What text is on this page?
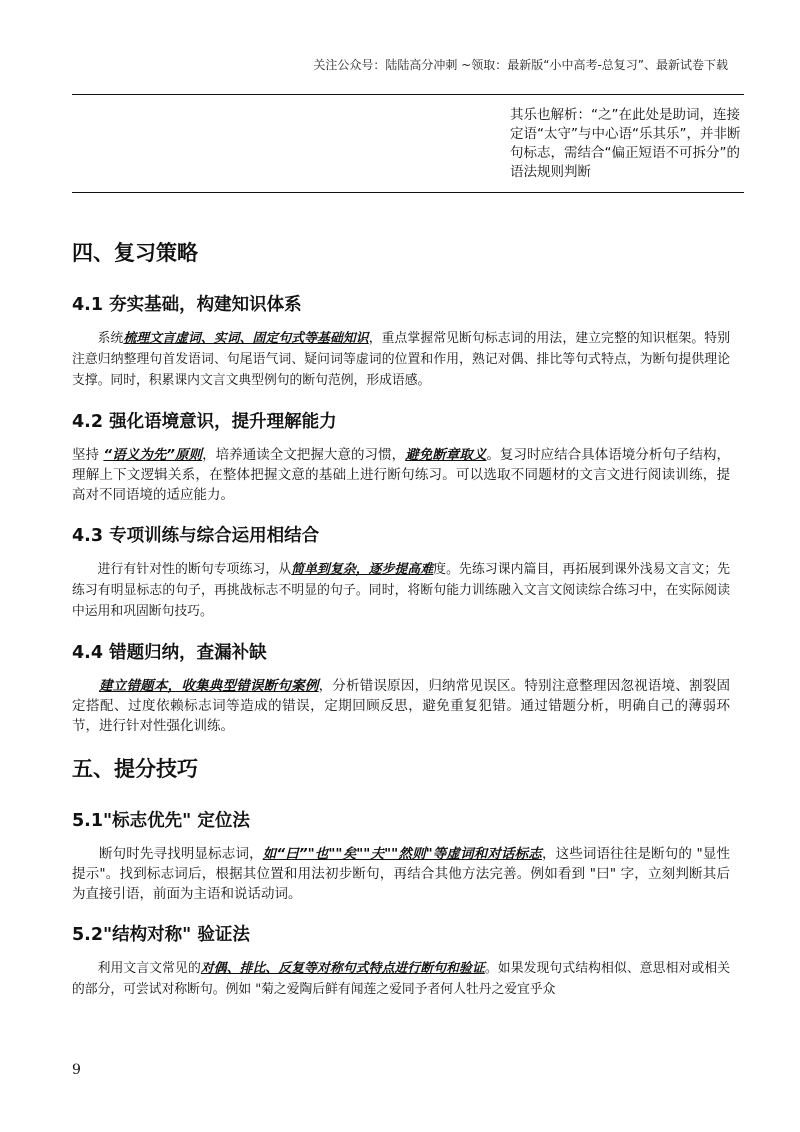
关注公众号：陆陆高分冲刺 ~领取：最新版“小中高考-总复习”、最新试卷下载
其乐也解析：“之”在此处是助词，连接定语“太守”与中心语“乐其乐”，并非断句标志，需结合“偏正短语不可拆分”的语法规则判断
四、复习策略
4.1 夯实基础，构建知识体系

系统梳理文言虚词、实词、固定句式等基础知识，重点掌握常见断句标志词的用法，建立完整的知识框架。特别注意归纳整理句首发语词、句尾语气词、疑问词等虚词的位置和作用，熟记对偶、排比等句式特点，为断句提供理论支撑。同时，积累课内文言文典型例句的断句范例，形成语感。

4.2 强化语境意识，提升理解能力

坚持 “语义为先”原则，培养通读全文把握大意的习惯，避免断章取义。复习时应结合具体语境分析句子结构，理解上下文逻辑关系，在整体把握文意的基础上进行断句练习。可以选取不同题材的文言文进行阅读训练，提高对不同语境的适应能力。

4.3 专项训练与综合运用相结合

进行有针对性的断句专项练习，从简单到复杂，逐步提高难度。先练习课内篇目，再拓展到课外浅易文言文；先练习有明显标志的句子，再挑战标志不明显的句子。同时，将断句能力训练融入文言文阅读综合练习中，在实际阅读中运用和巩固断句技巧。

4.4 错题归纳，查漏补缺

建立错题本，收集典型错误断句案例，分析错误原因，归纳常见误区。特别注意整理因忽视语境、割裂固定搭配、过度依赖标志词等造成的错误，定期回顾反思，避免重复犯错。通过错题分析，明确自己的薄弱环节，进行针对性强化训练。

五、提分技巧
5.1"标志优先" 定位法

断句时先寻找明显标志词，如“曰”"也""矣""夫""然则"等虚词和对话标志，这些词语往往是断句的 "显性提示"。找到标志词后，根据其位置和用法初步断句，再结合其他方法完善。例如看到 "曰" 字，立刻判断其后为直接引语，前面为主语和说话动词。

5.2"结构对称" 验证法

利用文言文常见的对偶、排比、反复等对称句式特点进行断句和验证。如果发现句式结构相似、意思相对或相关的部分，可尝试对称断句。例如 "菊之爱陶后鲜有闻莲之爱同予者何人牡丹之爱宜乎众

9
